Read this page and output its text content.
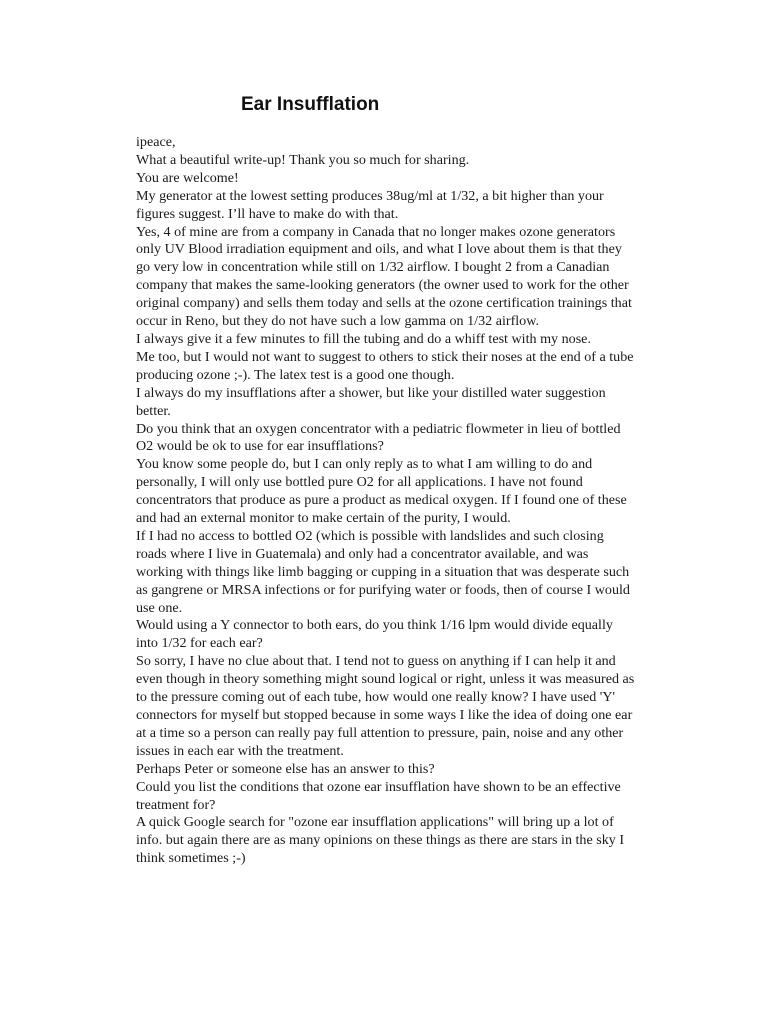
Ear Insufflation

ipeace,

What a beautiful write-up! Thank you so much for sharing.

You are welcome!

My generator at the lowest setting produces 38ug/ml at 1/32, a bit higher than your figures suggest. I’ll have to make do with that.

Yes, 4 of mine are from a company in Canada that no longer makes ozone generators only UV Blood irradiation equipment and oils, and what I love about them is that they go very low in concentration while still on 1/32 airflow. I bought 2 from a Canadian company that makes the same-looking generators (the owner used to work for the other original company) and sells them today and sells at the ozone certification trainings that occur in Reno, but they do not have such a low gamma on 1/32 airflow.

I always give it a few minutes to fill the tubing and do a whiff test with my nose.

Me too, but I would not want to suggest to others to stick their noses at the end of a tube producing ozone ;-). The latex test is a good one though.

I always do my insufflations after a shower, but like your distilled water suggestion better.

Do you think that an oxygen concentrator with a pediatric flowmeter in lieu of bottled O2 would be ok to use for ear insufflations?

You know some people do, but I can only reply as to what I am willing to do and personally, I will only use bottled pure O2 for all applications. I have not found concentrators that produce as pure a product as medical oxygen. If I found one of these and had an external monitor to make certain of the purity, I would.

If I had no access to bottled O2 (which is possible with landslides and such closing roads where I live in Guatemala) and only had a concentrator available, and was working with things like limb bagging or cupping in a situation that was desperate such as gangrene or MRSA infections or for purifying water or foods, then of course I would use one.

Would using a Y connector to both ears, do you think 1/16 lpm would divide equally into 1/32 for each ear?

So sorry, I have no clue about that. I tend not to guess on anything if I can help it and even though in theory something might sound logical or right, unless it was measured as to the pressure coming out of each tube, how would one really know? I have used 'Y' connectors for myself but stopped because in some ways I like the idea of doing one ear at a time so a person can really pay full attention to pressure, pain, noise and any other issues in each ear with the treatment.

Perhaps Peter or someone else has an answer to this?

Could you list the conditions that ozone ear insufflation have shown to be an effective treatment for?

A quick Google search for "ozone ear insufflation applications" will bring up a lot of info. but again there are as many opinions on these things as there are stars in the sky I think sometimes ;-)
